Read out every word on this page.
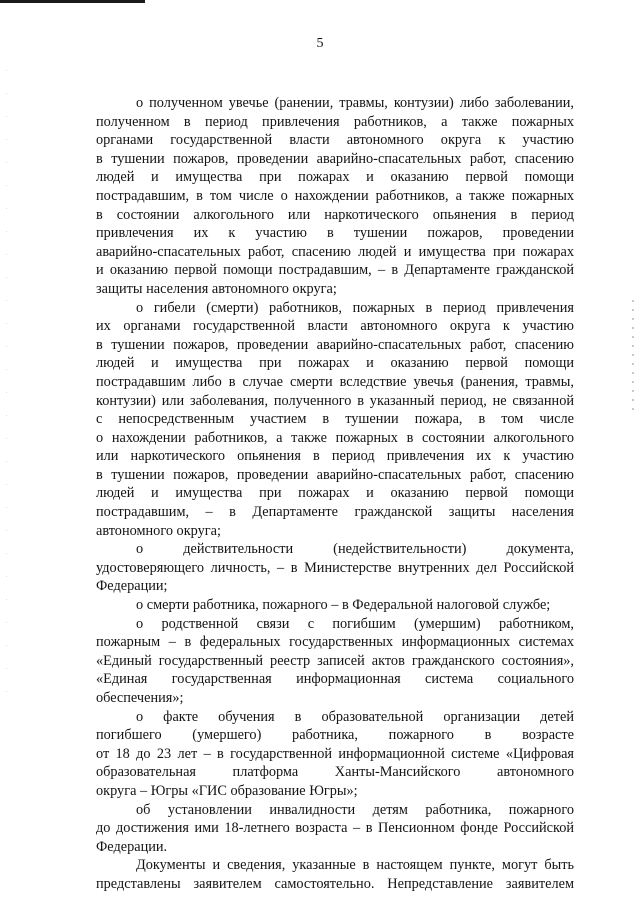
5

о полученном увечье (ранении, травмы, контузии) либо заболевании,
полученном в период привлечения работников, а также пожарных
органами государственной власти автономного округа к участию
в тушении пожаров, проведении аварийно-спасательных работ, спасению
людей и имущества при пожарах и оказанию первой помощи
пострадавшим, в том числе о нахождении работников, а также пожарных
в состоянии алкогольного или наркотического опьянения в период
привлечения их к участию в тушении пожаров, проведении
аварийно-спасательных работ, спасению людей и имущества при пожарах
и оказанию первой помощи пострадавшим, – в Департаменте гражданской
защиты населения автономного округа;

о гибели (смерти) работников, пожарных в период привлечения
их органами государственной власти автономного округа к участию
в тушении пожаров, проведении аварийно-спасательных работ, спасению
людей и имущества при пожарах и оказанию первой помощи
пострадавшим либо в случае смерти вследствие увечья (ранения, травмы,
контузии) или заболевания, полученного в указанный период, не связанной
с непосредственным участием в тушении пожара, в том числе
о нахождении работников, а также пожарных в состоянии алкогольного
или наркотического опьянения в период привлечения их к участию
в тушении пожаров, проведении аварийно-спасательных работ, спасению
людей и имущества при пожарах и оказанию первой помощи
пострадавшим, – в Департаменте гражданской защиты населения
автономного округа;

о действительности (недействительности) документа,
удостоверяющего личность, – в Министерстве внутренних дел Российской
Федерации;

о смерти работника, пожарного – в Федеральной налоговой службе;

о родственной связи с погибшим (умершим) работником,
пожарным – в федеральных государственных информационных системах
«Единый государственный реестр записей актов гражданского состояния»,
«Единая государственная информационная система социального
обеспечения»;

о факте обучения в образовательной организации детей
погибшего (умершего) работника, пожарного в возрасте
от 18 до 23 лет – в государственной информационной системе «Цифровая
образовательная платформа Ханты-Мансийского автономного
округа – Югры «ГИС образование Югры»;

об установлении инвалидности детям работника, пожарного
до достижения ими 18-летнего возраста – в Пенсионном фонде Российской
Федерации.

Документы и сведения, указанные в настоящем пункте, могут быть
представлены заявителем самостоятельно. Непредставление заявителем
